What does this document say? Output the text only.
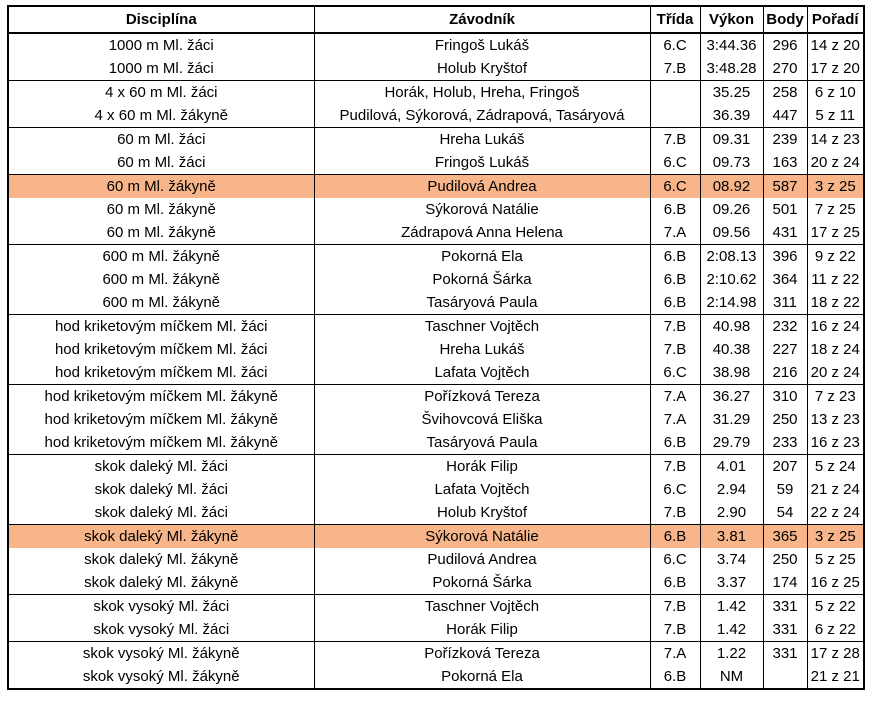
Disciplína	Závodník	Třída	Výkon	Body	Pořadí
1000 m Ml. žáci	Fringoš Lukáš	6.C	3:44.36	296	14 z 20
1000 m Ml. žáci	Holub Kryštof	7.B	3:48.28	270	17 z 20
4 x 60 m Ml. žáci	Horák, Holub, Hreha, Fringoš		35.25	258	6 z 10
4 x 60 m Ml. žákyně	Pudilová, Sýkorová, Zádrapová, Tasáryová		36.39	447	5 z 11
60 m Ml. žáci	Hreha Lukáš	7.B	09.31	239	14 z 23
60 m Ml. žáci	Fringoš Lukáš	6.C	09.73	163	20 z 24
60 m Ml. žákyně	Pudilová Andrea	6.C	08.92	587	3 z 25
60 m Ml. žákyně	Sýkorová Natálie	6.B	09.26	501	7 z 25
60 m Ml. žákyně	Zádrapová Anna Helena	7.A	09.56	431	17 z 25
600 m Ml. žákyně	Pokorná Ela	6.B	2:08.13	396	9 z 22
600 m Ml. žákyně	Pokorná Šárka	6.B	2:10.62	364	11 z 22
600 m Ml. žákyně	Tasáryová Paula	6.B	2:14.98	311	18 z 22
hod kriketovým míčkem Ml. žáci	Taschner Vojtěch	7.B	40.98	232	16 z 24
hod kriketovým míčkem Ml. žáci	Hreha Lukáš	7.B	40.38	227	18 z 24
hod kriketovým míčkem Ml. žáci	Lafata Vojtěch	6.C	38.98	216	20 z 24
hod kriketovým míčkem Ml. žákyně	Pořízková Tereza	7.A	36.27	310	7 z 23
hod kriketovým míčkem Ml. žákyně	Švihovcová Eliška	7.A	31.29	250	13 z 23
hod kriketovým míčkem Ml. žákyně	Tasáryová Paula	6.B	29.79	233	16 z 23
skok daleký Ml. žáci	Horák Filip	7.B	4.01	207	5 z 24
skok daleký Ml. žáci	Lafata Vojtěch	6.C	2.94	59	21 z 24
skok daleký Ml. žáci	Holub Kryštof	7.B	2.90	54	22 z 24
skok daleký Ml. žákyně	Sýkorová Natálie	6.B	3.81	365	3 z 25
skok daleký Ml. žákyně	Pudilová Andrea	6.C	3.74	250	5 z 25
skok daleký Ml. žákyně	Pokorná Šárka	6.B	3.37	174	16 z 25
skok vysoký Ml. žáci	Taschner Vojtěch	7.B	1.42	331	5 z 22
skok vysoký Ml. žáci	Horák Filip	7.B	1.42	331	6 z 22
skok vysoký Ml. žákyně	Pořízková Tereza	7.A	1.22	331	17 z 28
skok vysoký Ml. žákyně	Pokorná Ela	6.B	NM		21 z 21
